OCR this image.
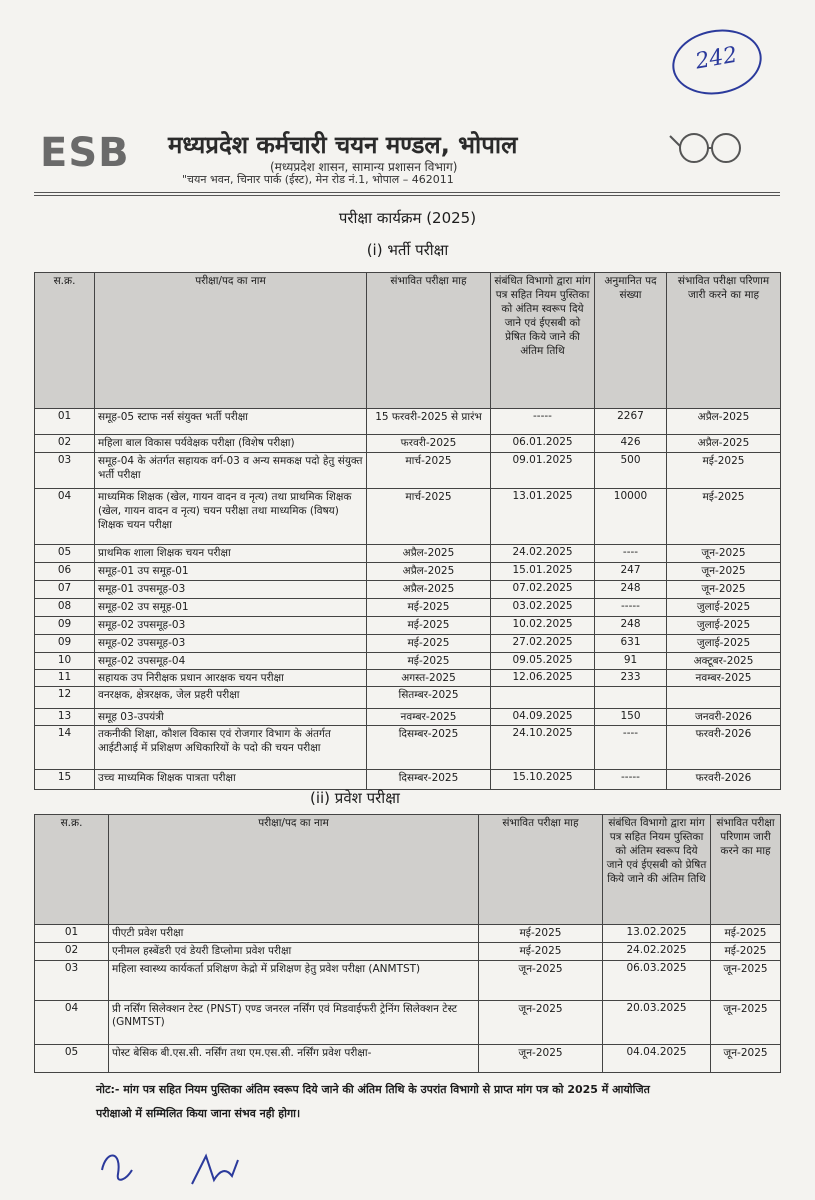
242
ESB	मध्यप्रदेश कर्मचारी चयन मण्डल, भोपाल
(मध्यप्रदेश शासन, सामान्य प्रशासन विभाग)
"चयन भवन, चिनार पार्क (ईस्ट), मेन रोड नं.1, भोपाल – 462011
परीक्षा कार्यक्रम (2025)
(i) भर्ती परीक्षा
स.क्र.	परीक्षा/पद का नाम	संभावित परीक्षा माह	संबंधित विभागो द्वारा मांग पत्र सहित नियम पुस्तिका को अंतिम स्वरूप दिये जाने एवं ईएसबी को प्रेषित किये जाने की अंतिम तिथि	अनुमानित पद संख्या	संभावित परीक्षा परिणाम जारी करने का माह
01	समूह-05 स्टाफ नर्स संयुक्त भर्ती परीक्षा	15 फरवरी-2025 से प्रारंभ	-----	2267	अप्रैल-2025
02	महिला बाल विकास पर्यवेक्षक परीक्षा (विशेष परीक्षा)	फरवरी-2025	06.01.2025	426	अप्रैल-2025
03	समूह-04 के अंतर्गत सहायक वर्ग-03 व अन्य समकक्ष पदो हेतु संयुक्त भर्ती परीक्षा	मार्च-2025	09.01.2025	500	मई-2025
04	माध्यमिक शिक्षक (खेल, गायन वादन व नृत्य) तथा प्राथमिक शिक्षक (खेल, गायन वादन व नृत्य) चयन परीक्षा तथा माध्यमिक (विषय) शिक्षक चयन परीक्षा	मार्च-2025	13.01.2025	10000	मई-2025
05	प्राथमिक शाला शिक्षक चयन परीक्षा	अप्रैल-2025	24.02.2025	----	जून-2025
06	समूह-01 उप समूह-01	अप्रैल-2025	15.01.2025	247	जून-2025
07	समूह-01 उपसमूह-03	अप्रैल-2025	07.02.2025	248	जून-2025
08	समूह-02 उप समूह-01	मई-2025	03.02.2025	-----	जुलाई-2025
09	समूह-02 उपसमूह-03	मई-2025	10.02.2025	248	जुलाई-2025
09	समूह-02 उपसमूह-03	मई-2025	27.02.2025	631	जुलाई-2025
10	समूह-02 उपसमूह-04	मई-2025	09.05.2025	91	अक्टूबर-2025
11	सहायक उप निरीक्षक प्रधान आरक्षक चयन परीक्षा	अगस्त-2025	12.06.2025	233	नवम्बर-2025
12	वनरक्षक, क्षेत्ररक्षक, जेल प्रहरी परीक्षा	सितम्बर-2025			
13	समूह 03-उपयंत्री	नवम्बर-2025	04.09.2025	150	जनवरी-2026
14	तकनीकी शिक्षा, कौशल विकास एवं रोजगार विभाग के अंतर्गत आईटीआई में प्रशिक्षण अधिकारियों के पदो की चयन परीक्षा	दिसम्बर-2025	24.10.2025	----	फरवरी-2026
15	उच्च माध्यमिक शिक्षक पात्रता परीक्षा	दिसम्बर-2025	15.10.2025	-----	फरवरी-2026
(ii) प्रवेश परीक्षा
स.क्र.	परीक्षा/पद का नाम	संभावित परीक्षा माह	संबंधित विभागो द्वारा मांग पत्र सहित नियम पुस्तिका को अंतिम स्वरूप दिये जाने एवं ईएसबी को प्रेषित किये जाने की अंतिम तिथि	संभावित परीक्षा परिणाम जारी करने का माह
01	पीएटी प्रवेश परीक्षा	मई-2025	13.02.2025	मई-2025
02	एनीमल हस्बेंडरी एवं डेयरी डिप्लोमा प्रवेश परीक्षा	मई-2025	24.02.2025	मई-2025
03	महिला स्वास्थ्य कार्यकर्ता प्रशिक्षण केद्रो में प्रशिक्षण हेतु प्रवेश परीक्षा (ANMTST)	जून-2025	06.03.2025	जून-2025
04	प्री नर्सिंग सिलेक्शन टेस्ट (PNST) एण्ड जनरल नर्सिंग एवं मिडवाईफरी ट्रेनिंग सिलेक्शन टेस्ट (GNMTST)	जून-2025	20.03.2025	जून-2025
05	पोस्ट बेसिक बी.एस.सी. नर्सिंग तथा एम.एस.सी. नर्सिंग प्रवेश परीक्षा-	जून-2025	04.04.2025	जून-2025
नोट:- मांग पत्र सहित नियम पुस्तिका अंतिम स्वरूप दिये जाने की अंतिम तिथि के उपरांत विभागो से प्राप्त मांग पत्र को 2025 में आयोजित
परीक्षाओ में सम्मिलित किया जाना संभव नही होगा।
